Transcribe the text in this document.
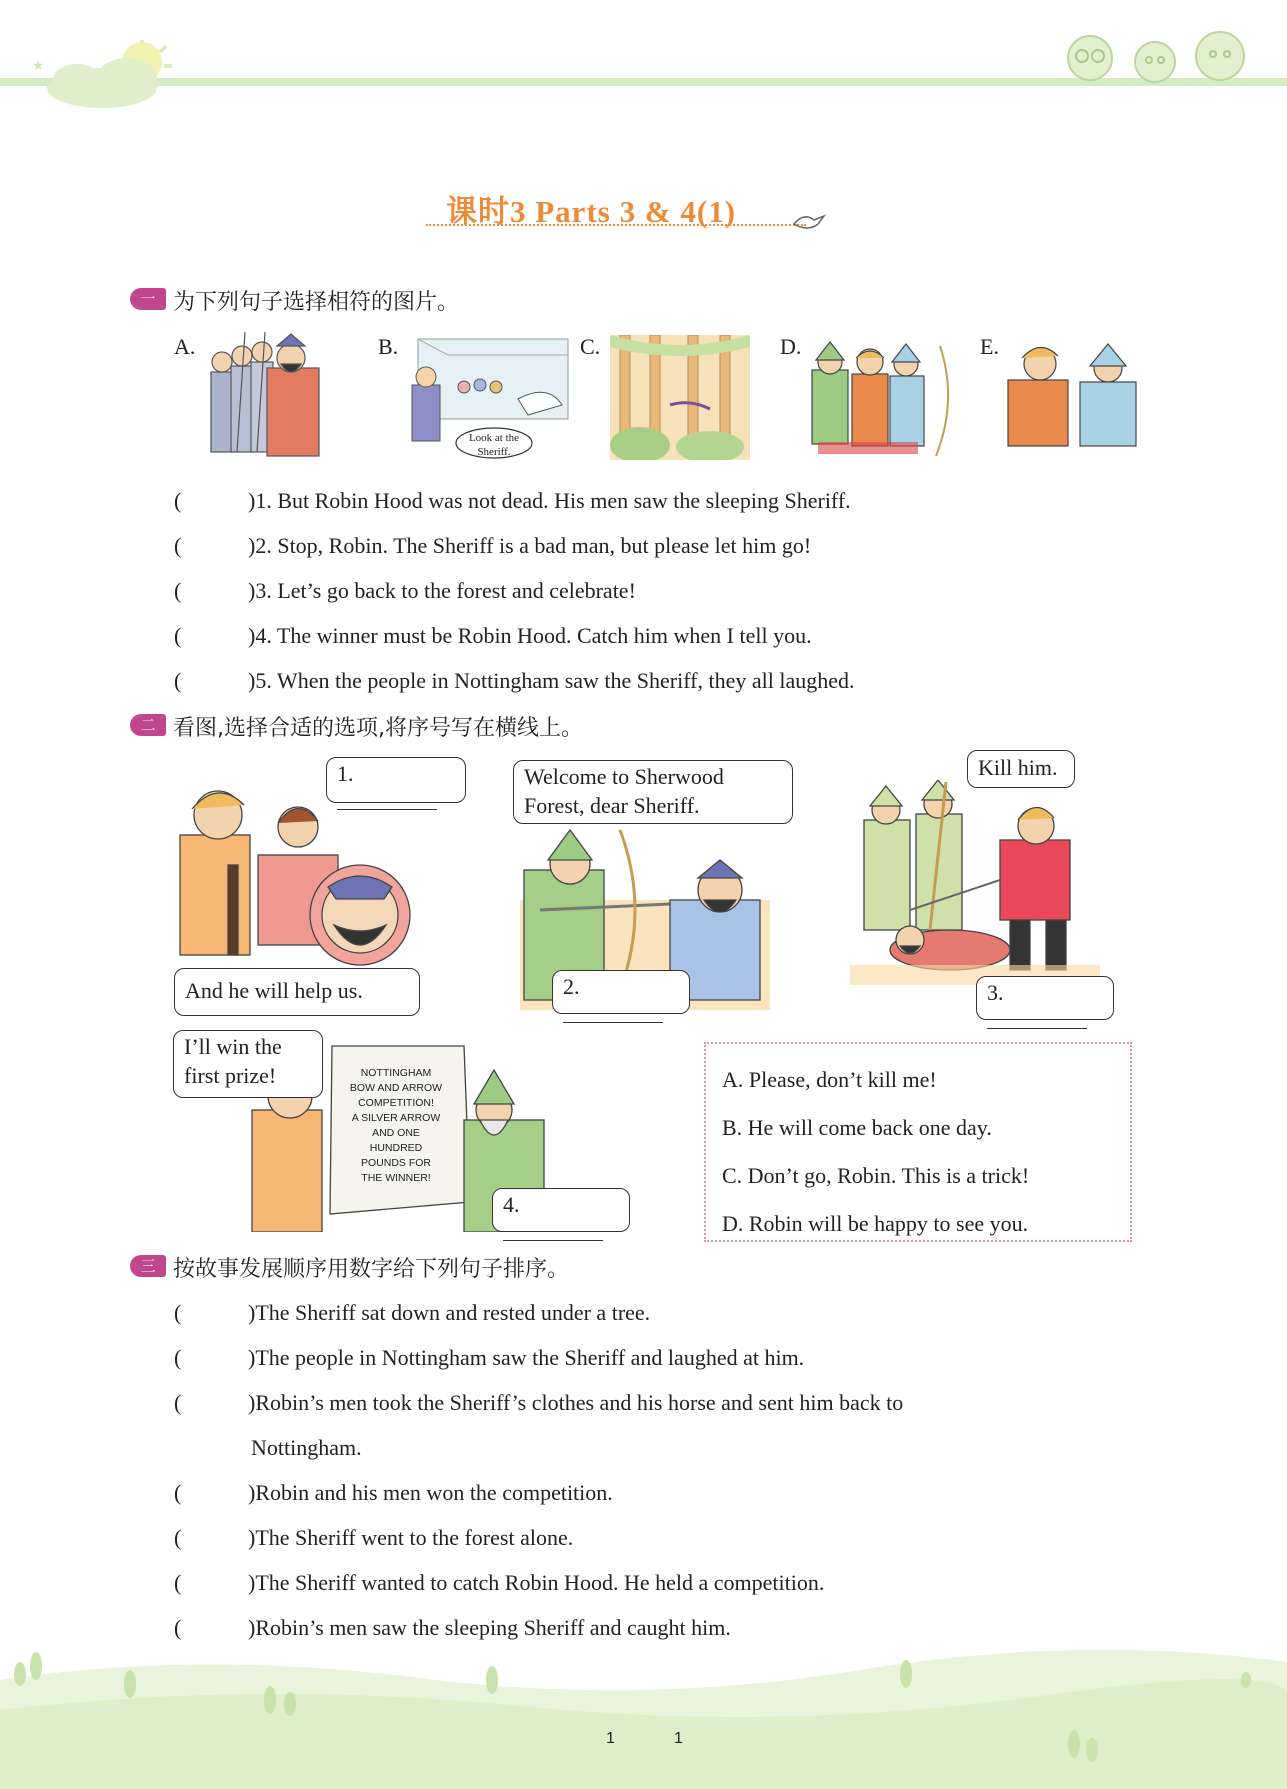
★
课时3 Parts 3 & 4(1)
一 为下列句子选择相符的图片。
A.	B.
Look at the
Sheriff.
C.	D.	E.
(	)1. But Robin Hood was not dead. His men saw the sleeping Sheriff.
(	)2. Stop, Robin. The Sheriff is a bad man, but please let him go!
(	)3. Let’s go back to the forest and celebrate!
(	)4. The winner must be Robin Hood. Catch him when I tell you.
(	)5. When the people in Nottingham saw the Sheriff, they all laughed.
二 看图,选择合适的选项,将序号写在横线上。
1.
And he will help us.
Welcome to Sherwood
Forest, dear Sheriff.
2.
Kill him.
3.
NOTTINGHAM
BOW AND ARROW
COMPETITION!
A SILVER ARROW
AND ONE
HUNDRED
POUNDS FOR
THE WINNER!
I’ll win the
first prize!
4.
A. Please, don’t kill me!
B. He will come back one day.
C. Don’t go, Robin. This is a trick!
D. Robin will be happy to see you.
三 按故事发展顺序用数字给下列句子排序。
(	)The Sheriff sat down and rested under a tree.
(	)The people in Nottingham saw the Sheriff and laughed at him.
(	)Robin’s men took the Sheriff’s clothes and his horse and sent him back to
Nottingham.
(	)Robin and his men won the competition.
(	)The Sheriff went to the forest alone.
(	)The Sheriff wanted to catch Robin Hood. He held a competition.
(	)Robin’s men saw the sleeping Sheriff and caught him.
1	1
